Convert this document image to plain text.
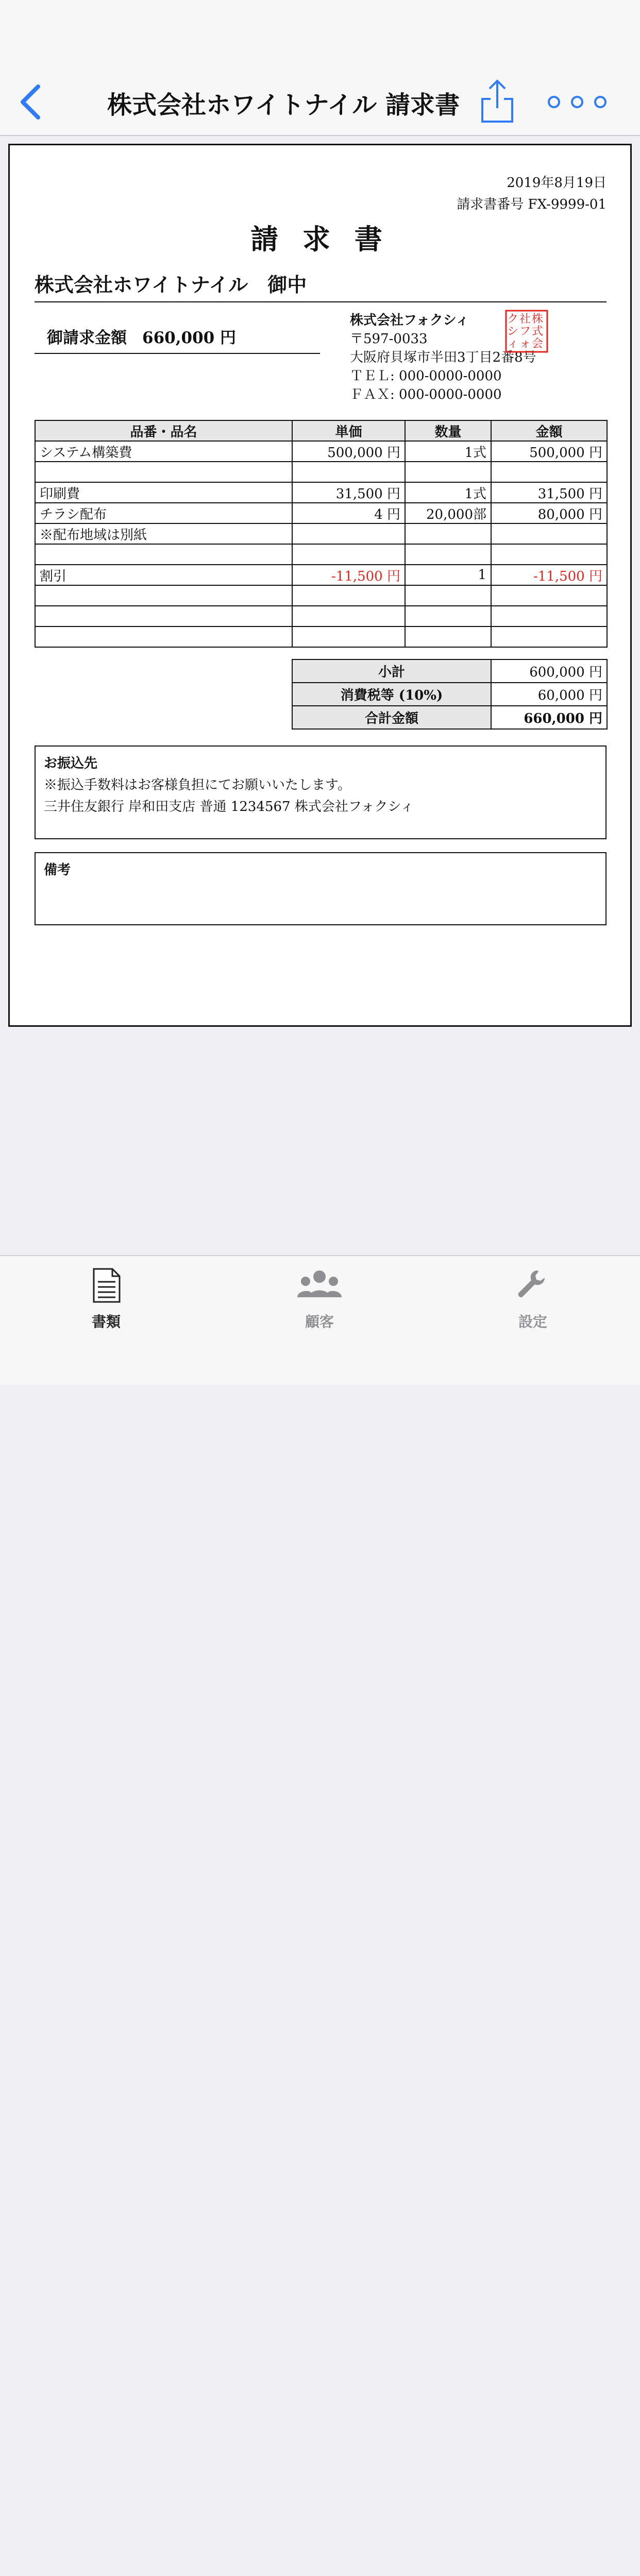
株式会社ホワイトナイル 請求書
2019年8月19日
請求書番号 FX-9999-01
請 求 書
株式会社ホワイトナイル　御中
御請求金額 660,000 円
株式会社フォクシィ
〒597-0033
大阪府貝塚市半田3丁目2番8号
ＴＥＬ: 000-0000-0000
ＦＡＸ: 000-0000-0000
株
式
会
社
フ
ォ
ク
シ
ィ
品番・品名	単価	数量	金額
システム構築費	500,000 円	1式	500,000 円

印刷費	31,500 円	1式	31,500 円
チラシ配布	4 円	20,000部	80,000 円
※配布地域は別紙			

割引	-11,500 円	1	-11,500 円

小計	600,000 円
消費税等 (10%)	60,000 円
合計金額	660,000 円
お振込先
※振込手数料はお客様負担にてお願いいたします。
三井住友銀行 岸和田支店 普通 1234567 株式会社フォクシィ
備考
書類	顧客	設定
